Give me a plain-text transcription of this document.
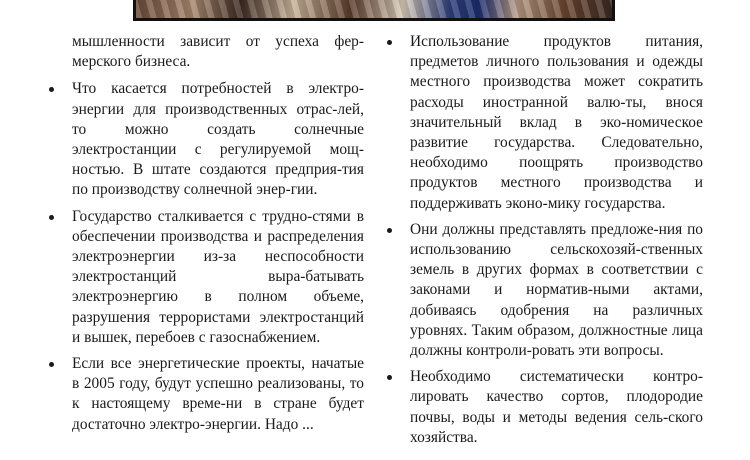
мышленности зависит от успеха фер-мерского бизнеса.

Что касается потребностей в электро-энергии для производственных отрас-лей, то можно создать солнечные электростанции с регулируемой мощ-ностью. В штате создаются предприя-тия по производству солнечной энер-гии.
Государство сталкивается с трудно-стями в обеспечении производства и распределения электроэнергии из-за неспособности электростанций выра-батывать электроэнергию в полном объеме, разрушения террористами электростанций и вышек, перебоев с газоснабжением.
Если все энергетические проекты, начатые в 2005 году, будут успешно реализованы, то к настоящему време-ни в стране будет достаточно электро-энергии. Надо ...
Использование продуктов питания, предметов личного пользования и одежды местного производства может сократить расходы иностранной валю-ты, внося значительный вклад в эко-номическое развитие государства. Следовательно, необходимо поощрять производство продуктов местного производства и поддерживать эконо-мику государства.
Они должны представлять предложе-ния по использованию сельскохозяй-ственных земель в других формах в соответствии с законами и норматив-ными актами, добиваясь одобрения на различных уровнях. Таким образом, должностные лица должны контроли-ровать эти вопросы.
Необходимо систематически контро-лировать качество сортов, плодородие почвы, воды и методы ведения сель-ского хозяйства.
